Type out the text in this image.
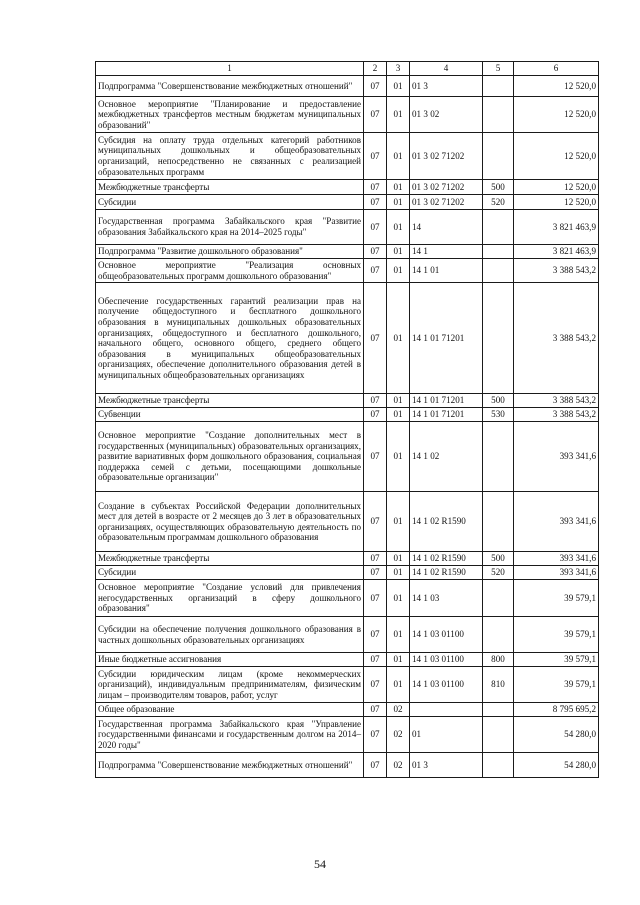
1	2	3	4	5	6
Подпрограмма "Совершенствование межбюджетных отношений"	07	01	01 3		12 520,0
Основное мероприятие "Планирование и предоставление межбюджетных трансфертов местным бюджетам муниципальных образований"	07	01	01 3 02		12 520,0
Субсидия на оплату труда отдельных категорий работников муниципальных дошкольных и общеобразовательных организаций, непосредственно не связанных с реализацией образовательных программ	07	01	01 3 02 71202		12 520,0
Межбюджетные трансферты	07	01	01 3 02 71202	500	12 520,0
Субсидии	07	01	01 3 02 71202	520	12 520,0
Государственная программа Забайкальского края "Развитие образования Забайкальского края на 2014–2025 годы"	07	01	14		3 821 463,9
Подпрограмма "Развитие дошкольного образования"	07	01	14 1		3 821 463,9
Основное мероприятие "Реализация основных общеобразовательных программ дошкольного образования"	07	01	14 1 01		3 388 543,2
Обеспечение государственных гарантий реализации прав на получение общедоступного и бесплатного дошкольного образования в муниципальных дошкольных образовательных организациях, общедоступного и бесплатного дошкольного, начального общего, основного общего, среднего общего образования в муниципальных общеобразовательных организациях, обеспечение дополнительного образования детей в муниципальных общеобразовательных организациях	07	01	14 1 01 71201		3 388 543,2
Межбюджетные трансферты	07	01	14 1 01 71201	500	3 388 543,2
Субвенции	07	01	14 1 01 71201	530	3 388 543,2
Основное мероприятие "Создание дополнительных мест в государственных (муниципальных) образовательных организациях, развитие вариативных форм дошкольного образования, социальная поддержка семей с детьми, посещающими дошкольные образовательные организации"	07	01	14 1 02		393 341,6
Создание в субъектах Российской Федерации дополнительных мест для детей в возрасте от 2 месяцев до 3 лет в образовательных организациях, осуществляющих образовательную деятельность по образовательным программам дошкольного образования	07	01	14 1 02 R1590		393 341,6
Межбюджетные трансферты	07	01	14 1 02 R1590	500	393 341,6
Субсидии	07	01	14 1 02 R1590	520	393 341,6
Основное мероприятие "Создание условий для привлечения негосударственных организаций в сферу дошкольного образования"	07	01	14 1 03		39 579,1
Субсидии на обеспечение получения дошкольного образования в частных дошкольных образовательных организациях	07	01	14 1 03 01100		39 579,1
Иные бюджетные ассигнования	07	01	14 1 03 01100	800	39 579,1
Субсидии юридическим лицам (кроме некоммерческих организаций), индивидуальным предпринимателям, физическим лицам – производителям товаров, работ, услуг	07	01	14 1 03 01100	810	39 579,1
Общее образование	07	02			8 795 695,2
Государственная программа Забайкальского края "Управление государственными финансами и государственным долгом на 2014–2020 годы"	07	02	01		54 280,0
Подпрограмма "Совершенствование межбюджетных отношений"	07	02	01 3		54 280,0
54
